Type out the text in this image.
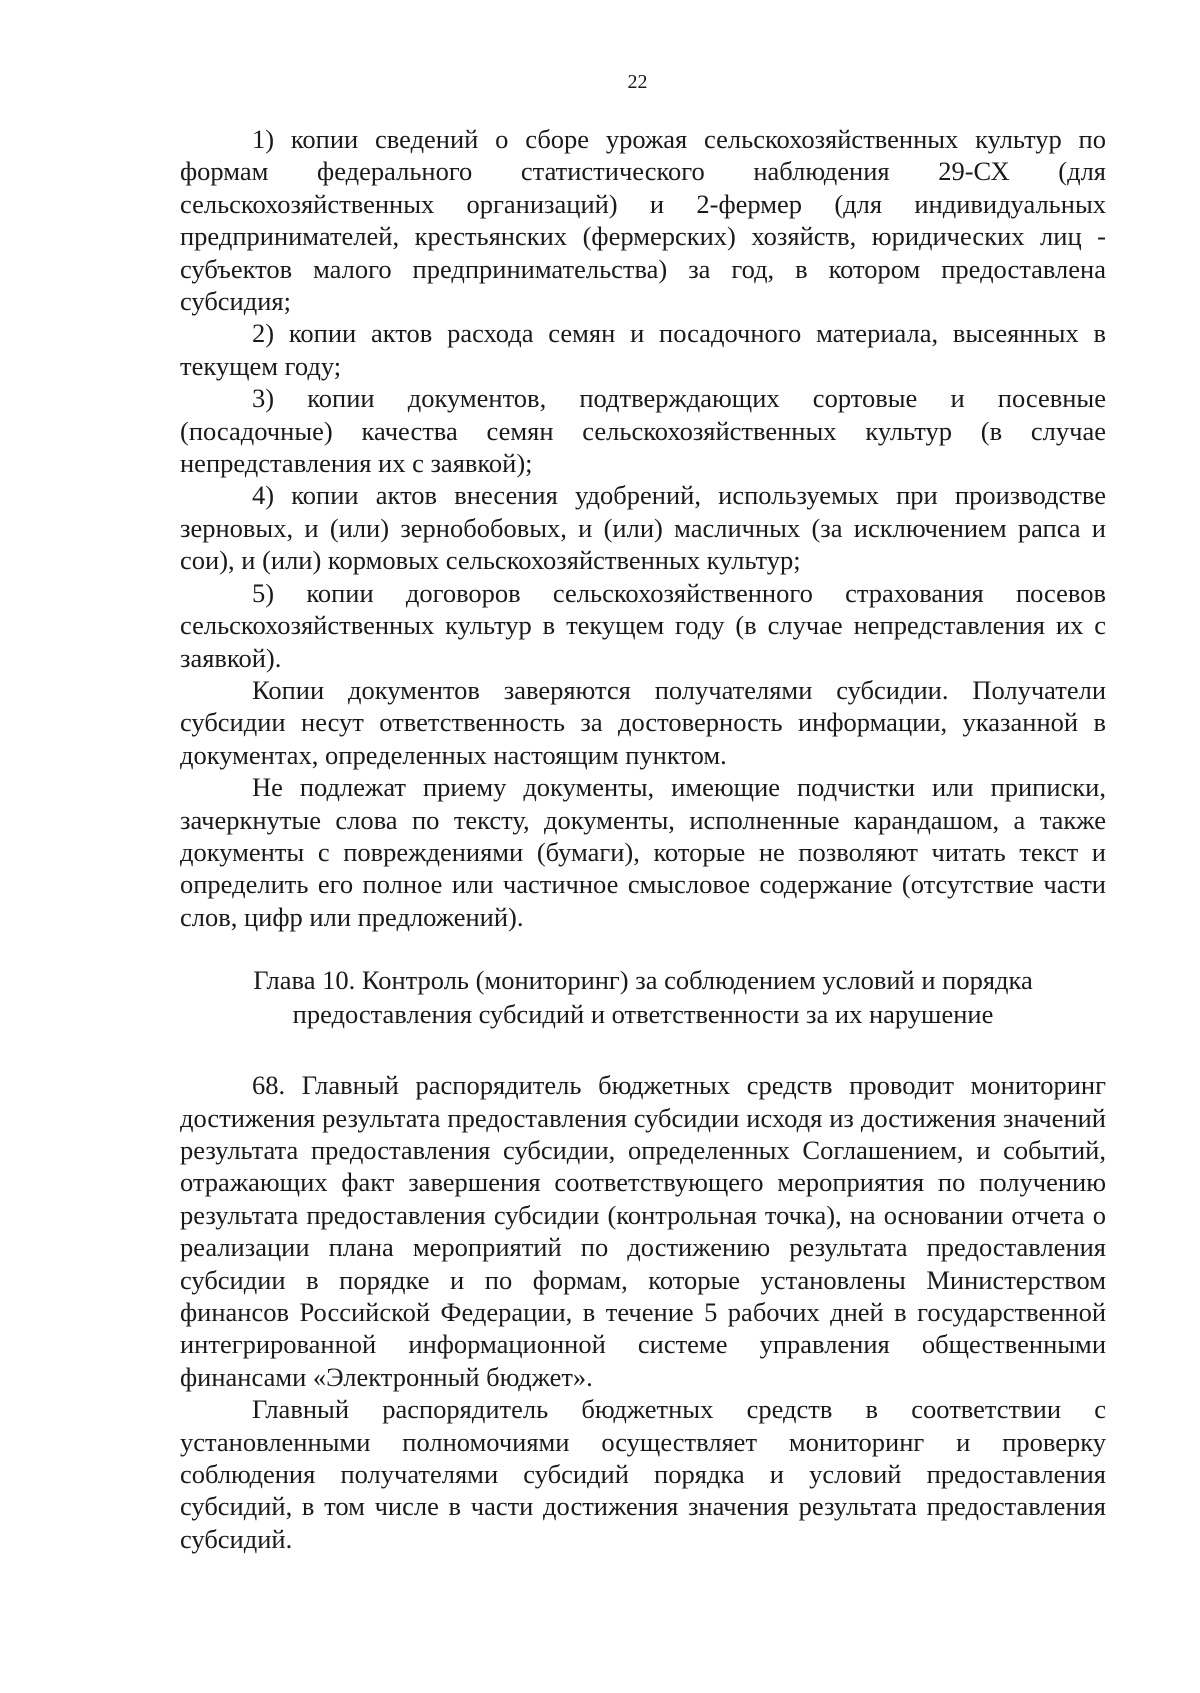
22

1) копии сведений о сборе урожая сельскохозяйственных культур по формам федерального статистического наблюдения 29-СХ (для сельскохозяйственных организаций) и 2-фермер (для индивидуальных предпринимателей, крестьянских (фермерских) хозяйств, юридических лиц - субъектов малого предпринимательства) за год, в котором предоставлена субсидия;

2) копии актов расхода семян и посадочного материала, высеянных в текущем году;

3) копии документов, подтверждающих сортовые и посевные (посадочные) качества семян сельскохозяйственных культур (в случае непредставления их с заявкой);

4) копии актов внесения удобрений, используемых при производстве зерновых, и (или) зернобобовых, и (или) масличных (за исключением рапса и сои), и (или) кормовых сельскохозяйственных культур;

5) копии договоров сельскохозяйственного страхования посевов сельскохозяйственных культур в текущем году (в случае непредставления их с заявкой).

Копии документов заверяются получателями субсидии. Получатели субсидии несут ответственность за достоверность информации, указанной в документах, определенных настоящим пунктом.

Не подлежат приему документы, имеющие подчистки или приписки, зачеркнутые слова по тексту, документы, исполненные карандашом, а также документы с повреждениями (бумаги), которые не позволяют читать текст и определить его полное или частичное смысловое содержание (отсутствие части слов, цифр или предложений).

Глава 10. Контроль (мониторинг) за соблюдением условий и порядка
предоставления субсидий и ответственности за их нарушение

68. Главный распорядитель бюджетных средств проводит мониторинг достижения результата предоставления субсидии исходя из достижения значений результата предоставления субсидии, определенных Соглашением, и событий, отражающих факт завершения соответствующего мероприятия по получению результата предоставления субсидии (контрольная точка), на основании отчета о реализации плана мероприятий по достижению результата предоставления субсидии в порядке и по формам, которые установлены Министерством финансов Российской Федерации, в течение 5 рабочих дней в государственной интегрированной информационной системе управления общественными финансами «Электронный бюджет».

Главный распорядитель бюджетных средств в соответствии с установленными полномочиями осуществляет мониторинг и проверку соблюдения получателями субсидий порядка и условий предоставления субсидий, в том числе в части достижения значения результата предоставления субсидий.
